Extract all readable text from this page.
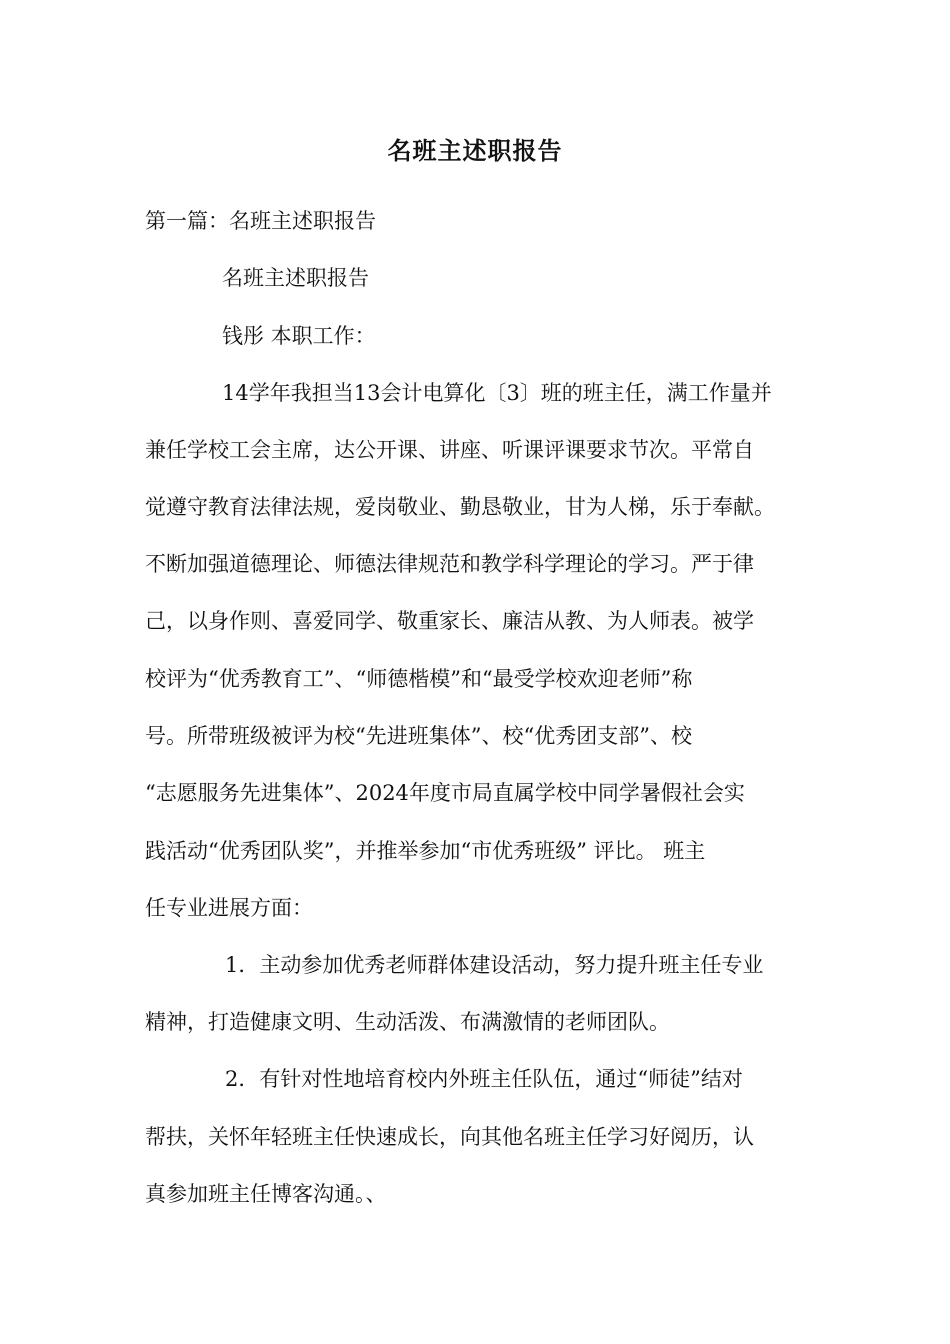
名班主述职报告
第一篇：名班主述职报告
名班主述职报告
钱彤 本职工作：
14学年我担当13会计电算化〔3〕班的班主任，满工作量并
兼任学校工会主席，达公开课、讲座、听课评课要求节次。平常自
觉遵守教育法律法规，爱岗敬业、勤恳敬业，甘为人梯，乐于奉献。
不断加强道德理论、师德法律规范和教学科学理论的学习。严于律
己，以身作则、喜爱同学、敬重家长、廉洁从教、为人师表。被学
校评为“优秀教育工”、“师德楷模”和“最受学校欢迎老师”称
号。所带班级被评为校“先进班集体”、校“优秀团支部”、校
“志愿服务先进集体”、2024年度市局直属学校中同学暑假社会实
践活动“优秀团队奖”，并推举参加“市优秀班级” 评比。 班主
任专业进展方面：
1．主动参加优秀老师群体建设活动，努力提升班主任专业
精神，打造健康文明、生动活泼、布满激情的老师团队。
2．有针对性地培育校内外班主任队伍，通过“师徒”结对
帮扶，关怀年轻班主任快速成长，向其他名班主任学习好阅历，认
真参加班主任博客沟通。、
